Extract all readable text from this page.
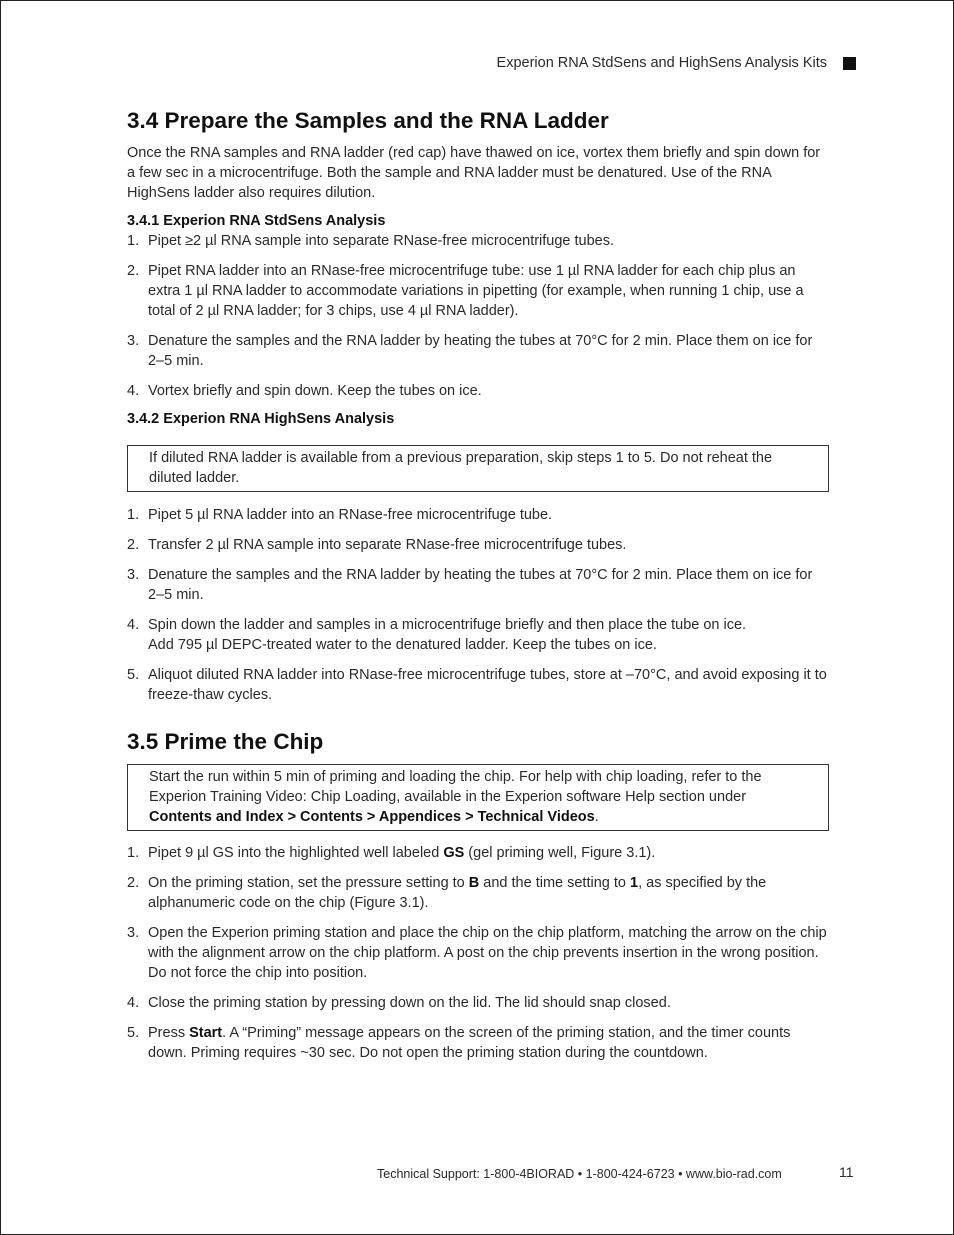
Experion RNA StdSens and HighSens Analysis Kits
3.4 Prepare the Samples and the RNA Ladder

Once the RNA samples and RNA ladder (red cap) have thawed on ice, vortex them briefly and spin down for a few sec in a microcentrifuge. Both the sample and RNA ladder must be denatured. Use of the RNA HighSens ladder also requires dilution.

3.4.1 Experion RNA StdSens Analysis
1. Pipet ≥2 µl RNA sample into separate RNase-free microcentrifuge tubes.
2. Pipet RNA ladder into an RNase-free microcentrifuge tube: use 1 µl RNA ladder for each chip plus an extra 1 µl RNA ladder to accommodate variations in pipetting (for example, when running 1 chip, use a total of 2 µl RNA ladder; for 3 chips, use 4 µl RNA ladder).
3. Denature the samples and the RNA ladder by heating the tubes at 70°C for 2 min. Place them on ice for 2–5 min.
4. Vortex briefly and spin down. Keep the tubes on ice.
3.4.2 Experion RNA HighSens Analysis
If diluted RNA ladder is available from a previous preparation, skip steps 1 to 5. Do not reheat the diluted ladder.
1. Pipet 5 µl RNA ladder into an RNase-free microcentrifuge tube.
2. Transfer 2 µl RNA sample into separate RNase-free microcentrifuge tubes.
3. Denature the samples and the RNA ladder by heating the tubes at 70°C for 2 min. Place them on ice for 2–5 min.
4. Spin down the ladder and samples in a microcentrifuge briefly and then place the tube on ice.
Add 795 µl DEPC-treated water to the denatured ladder. Keep the tubes on ice.
5. Aliquot diluted RNA ladder into RNase-free microcentrifuge tubes, store at –70°C, and avoid exposing it to freeze-thaw cycles.
3.5 Prime the Chip
Start the run within 5 min of priming and loading the chip. For help with chip loading, refer to the Experion Training Video: Chip Loading, available in the Experion software Help section under Contents and Index > Contents > Appendices > Technical Videos.
1. Pipet 9 µl GS into the highlighted well labeled GS (gel priming well, Figure 3.1).
2. On the priming station, set the pressure setting to B and the time setting to 1, as specified by the alphanumeric code on the chip (Figure 3.1).
3. Open the Experion priming station and place the chip on the chip platform, matching the arrow on the chip with the alignment arrow on the chip platform. A post on the chip prevents insertion in the wrong position. Do not force the chip into position.
4. Close the priming station by pressing down on the lid. The lid should snap closed.
5. Press Start. A “Priming” message appears on the screen of the priming station, and the timer counts down. Priming requires ~30 sec. Do not open the priming station during the countdown.
Technical Support: 1-800-4BIORAD • 1-800-424-6723 • www.bio-rad.com	11
